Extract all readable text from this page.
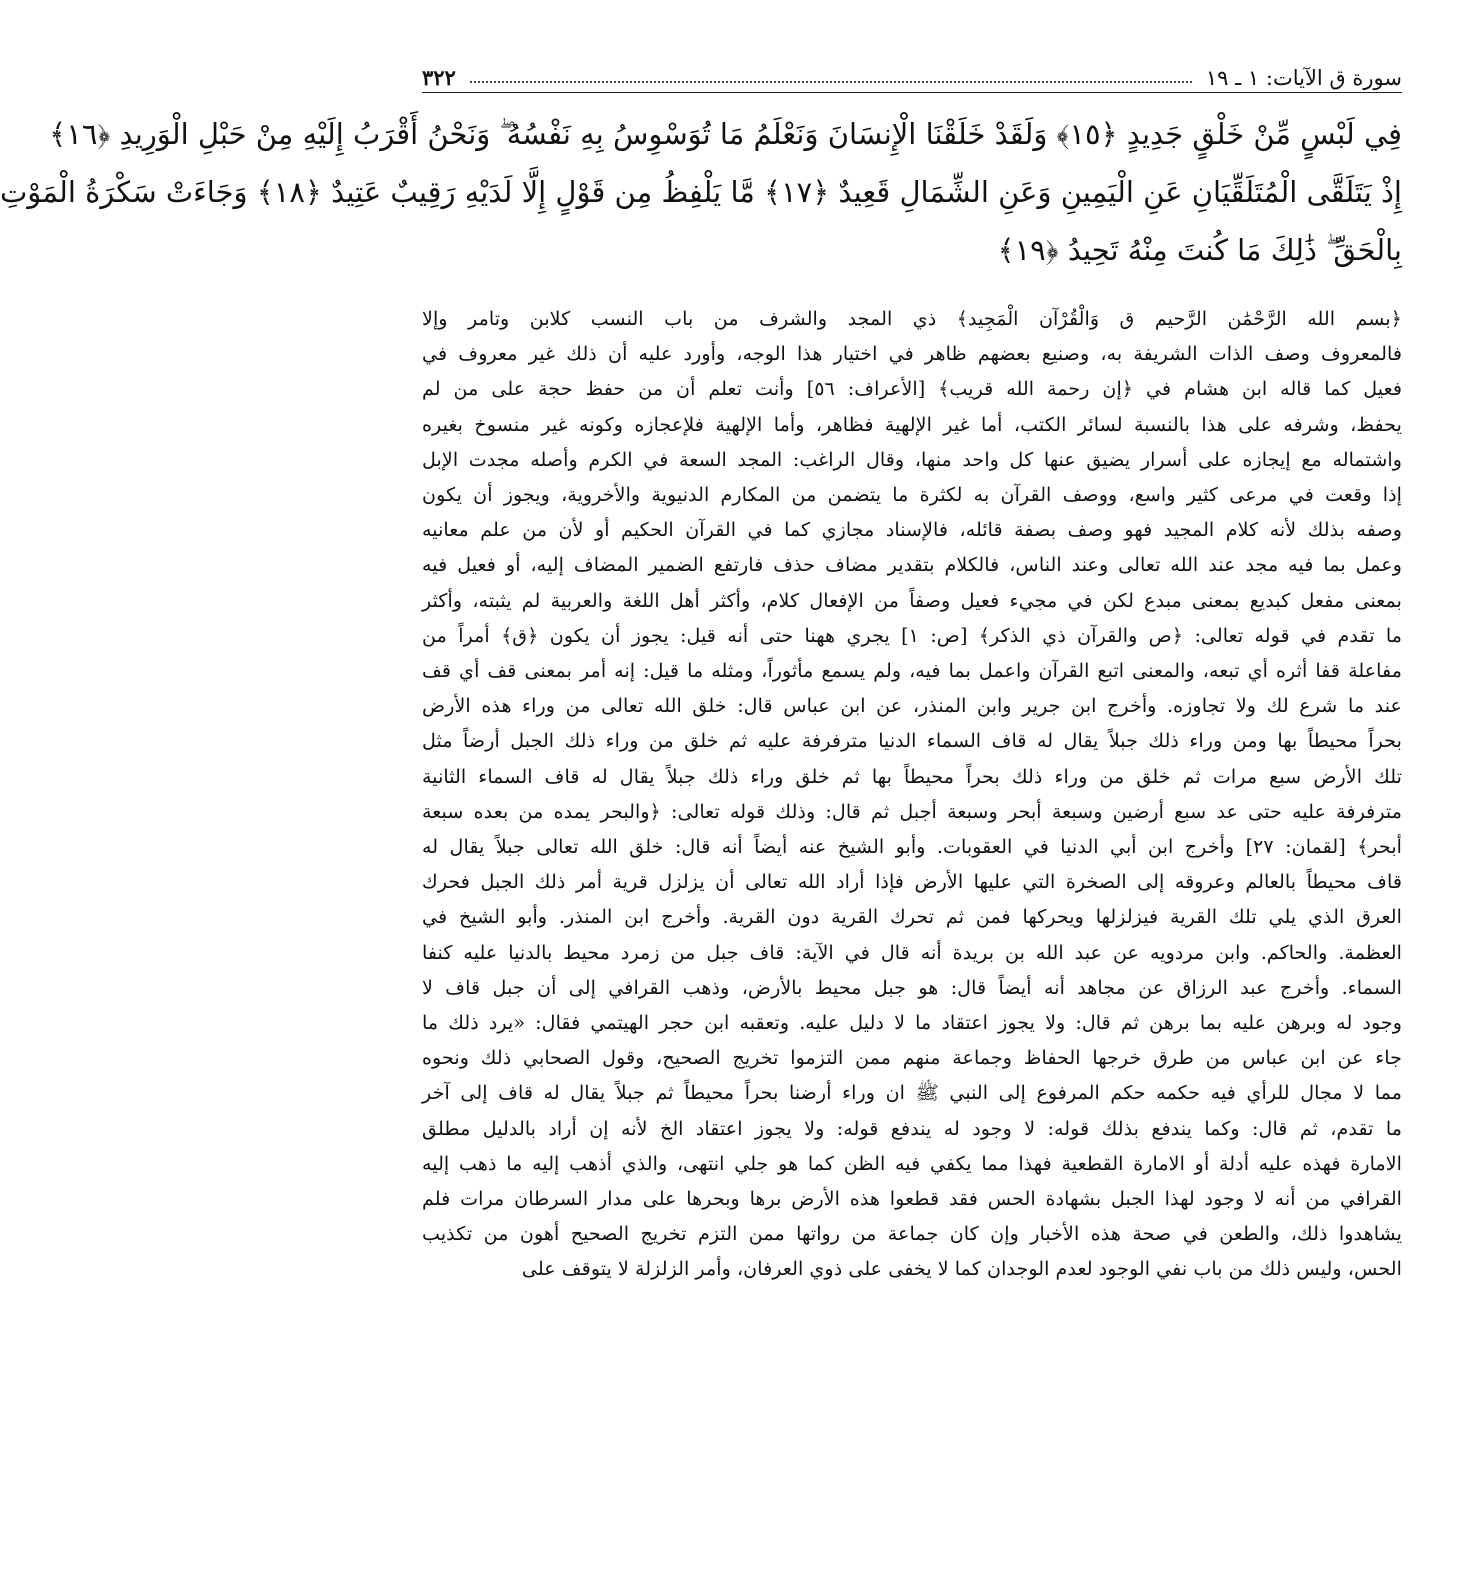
سورة ق الآيات: ١ ـ ١٩
٣٢٢
فِي لَبْسٍ مِّنْ خَلْقٍ جَدِيدٍ ﴿١٥﴾ وَلَقَدْ خَلَقْنَا الْإِنسَانَ وَنَعْلَمُ مَا تُوَسْوِسُ بِهِ نَفْسُهُ ۖ وَنَحْنُ أَقْرَبُ إِلَيْهِ مِنْ حَبْلِ الْوَرِيدِ ﴿١٦﴾
إِذْ يَتَلَقَّى الْمُتَلَقِّيَانِ عَنِ الْيَمِينِ وَعَنِ الشِّمَالِ قَعِيدٌ ﴿١٧﴾ مَّا يَلْفِظُ مِن قَوْلٍ إِلَّا لَدَيْهِ رَقِيبٌ عَتِيدٌ ﴿١٨﴾ وَجَاءَتْ سَكْرَةُ الْمَوْتِ
بِالْحَقِّ ۖ ذَٰلِكَ مَا كُنتَ مِنْهُ تَحِيدُ ﴿١٩﴾
﴿بسم الله الرَّحْمَٰن الرَّحيم ق وَالْقُرْآن الْمَجِيد﴾ ذي المجد والشرف من باب النسب كلابن وتامر وإلا
فالمعروف وصف الذات الشريفة به، وصنيع بعضهم ظاهر في اختيار هذا الوجه، وأورد عليه أن ذلك غير معروف في
فعيل كما قاله ابن هشام في ﴿إن رحمة الله قريب﴾ [الأعراف: ٥٦] وأنت تعلم أن من حفظ حجة على من لم
يحفظ، وشرفه على هذا بالنسبة لسائر الكتب، أما غير الإلهية فظاهر، وأما الإلهية فلإعجازه وكونه غير منسوخ بغيره
واشتماله مع إيجازه على أسرار يضيق عنها كل واحد منها، وقال الراغب: المجد السعة في الكرم وأصله مجدت الإبل
إذا وقعت في مرعى كثير واسع، ووصف القرآن به لكثرة ما يتضمن من المكارم الدنيوية والأخروية، ويجوز أن يكون
وصفه بذلك لأنه كلام المجيد فهو وصف بصفة قائله، فالإسناد مجازي كما في القرآن الحكيم أو لأن من علم معانيه
وعمل بما فيه مجد عند الله تعالى وعند الناس، فالكلام بتقدير مضاف حذف فارتفع الضمير المضاف إليه، أو فعيل فيه
بمعنى مفعل كبديع بمعنى مبدع لكن في مجيء فعيل وصفاً من الإفعال كلام، وأكثر أهل اللغة والعربية لم يثبته، وأكثر
ما تقدم في قوله تعالى: ﴿ص والقرآن ذي الذكر﴾ [ص: ١] يجري ههنا حتى أنه قيل: يجوز أن يكون ﴿ق﴾ أمراً من
مفاعلة قفا أثره أي تبعه، والمعنى اتبع القرآن واعمل بما فيه، ولم يسمع مأثوراً، ومثله ما قيل: إنه أمر بمعنى قف أي قف
عند ما شرع لك ولا تجاوزه. وأخرج ابن جرير وابن المنذر، عن ابن عباس قال: خلق الله تعالى من وراء هذه الأرض
بحراً محيطاً بها ومن وراء ذلك جبلاً يقال له قاف السماء الدنيا مترفرفة عليه ثم خلق من وراء ذلك الجبل أرضاً مثل
تلك الأرض سبع مرات ثم خلق من وراء ذلك بحراً محيطاً بها ثم خلق وراء ذلك جبلاً يقال له قاف السماء الثانية
مترفرفة عليه حتى عد سبع أرضين وسبعة أبحر وسبعة أجبل ثم قال: وذلك قوله تعالى: ﴿والبحر يمده من بعده سبعة
أبحر﴾ [لقمان: ٢٧] وأخرج ابن أبي الدنيا في العقوبات. وأبو الشيخ عنه أيضاً أنه قال: خلق الله تعالى جبلاً يقال له
قاف محيطاً بالعالم وعروقه إلى الصخرة التي عليها الأرض فإذا أراد الله تعالى أن يزلزل قرية أمر ذلك الجبل فحرك
العرق الذي يلي تلك القرية فيزلزلها ويحركها فمن ثم تحرك القرية دون القرية. وأخرج ابن المنذر. وأبو الشيخ في
العظمة. والحاكم. وابن مردويه عن عبد الله بن بريدة أنه قال في الآية: قاف جبل من زمرد محيط بالدنيا عليه كنفا
السماء. وأخرج عبد الرزاق عن مجاهد أنه أيضاً قال: هو جبل محيط بالأرض، وذهب القرافي إلى أن جبل قاف لا
وجود له وبرهن عليه بما برهن ثم قال: ولا يجوز اعتقاد ما لا دليل عليه. وتعقبه ابن حجر الهيتمي فقال: «يرد ذلك ما
جاء عن ابن عباس من طرق خرجها الحفاظ وجماعة منهم ممن التزموا تخريج الصحيح، وقول الصحابي ذلك ونحوه
مما لا مجال للرأي فيه حكمه حكم المرفوع إلى النبي ﷺ ان وراء أرضنا بحراً محيطاً ثم جبلاً يقال له قاف إلى آخر
ما تقدم، ثم قال: وكما يندفع بذلك قوله: لا وجود له يندفع قوله: ولا يجوز اعتقاد الخ لأنه إن أراد بالدليل مطلق
الامارة فهذه عليه أدلة أو الامارة القطعية فهذا مما يكفي فيه الظن كما هو جلي انتهى، والذي أذهب إليه ما ذهب إليه
القرافي من أنه لا وجود لهذا الجبل بشهادة الحس فقد قطعوا هذه الأرض برها وبحرها على مدار السرطان مرات فلم
يشاهدوا ذلك، والطعن في صحة هذه الأخبار وإن كان جماعة من رواتها ممن التزم تخريج الصحيح أهون من تكذيب
الحس، وليس ذلك من باب نفي الوجود لعدم الوجدان كما لا يخفى على ذوي العرفان، وأمر الزلزلة لا يتوقف على
